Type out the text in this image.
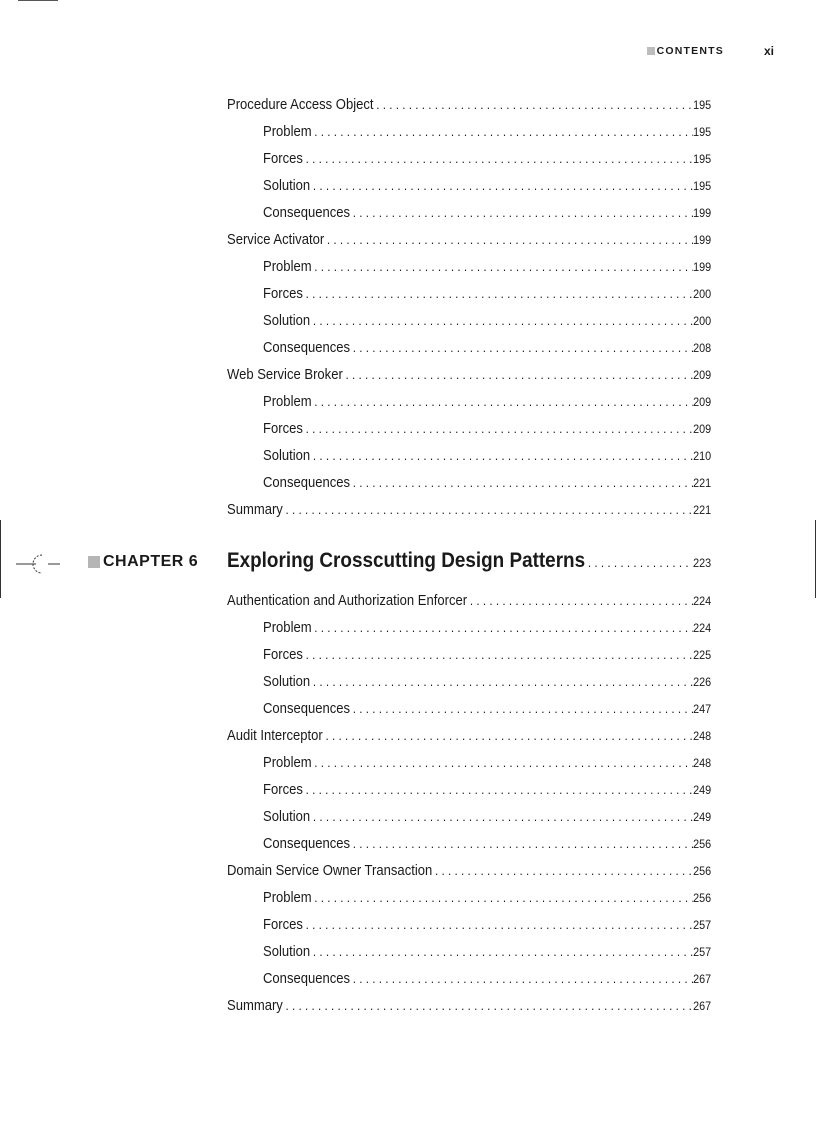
CONTENTS	xi
Procedure Access Object . . .	195
Problem . . .	195
Forces . . .	195
Solution . . .	195
Consequences . . .	199
Service Activator . . .	199
Problem . . .	199
Forces . . .	200
Solution . . .	200
Consequences . . .	208
Web Service Broker . . .	209
Problem . . .	209
Forces . . .	209
Solution . . .	210
Consequences . . .	221
Summary . . .	221
CHAPTER 6 Exploring Crosscutting Design Patterns . . .	223
Authentication and Authorization Enforcer . . .	224
Problem . . .	224
Forces . . .	225
Solution . . .	226
Consequences . . .	247
Audit Interceptor . . .	248
Problem . . .	248
Forces . . .	249
Solution . . .	249
Consequences . . .	256
Domain Service Owner Transaction . . .	256
Problem . . .	256
Forces . . .	257
Solution . . .	257
Consequences . . .	267
Summary . . .	267
